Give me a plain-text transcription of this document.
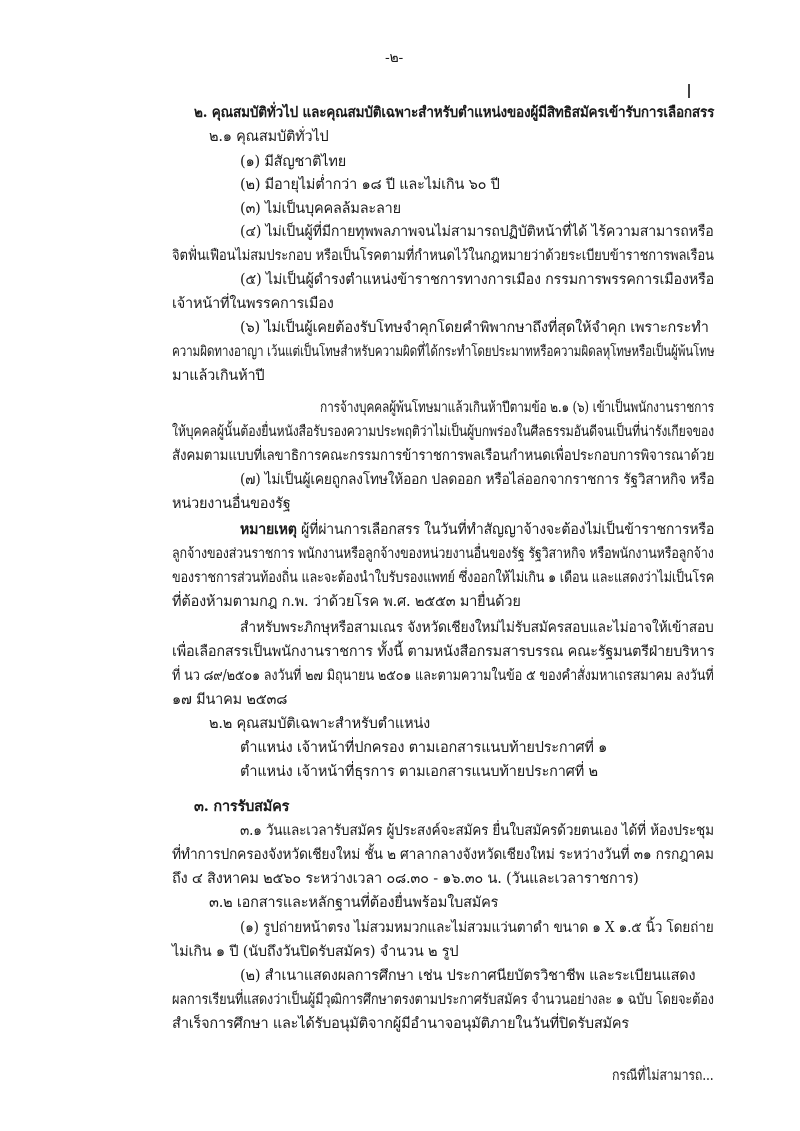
-๒-
๒. คุณสมบัติทั่วไป และคุณสมบัติเฉพาะสำหรับตำแหน่งของผู้มีสิทธิสมัครเข้ารับการเลือกสรร
๒.๑ คุณสมบัติทั่วไป
(๑) มีสัญชาติไทย
(๒) มีอายุไม่ต่ำกว่า ๑๘ ปี และไม่เกิน ๖๐ ปี
(๓) ไม่เป็นบุคคลล้มละลาย
(๔) ไม่เป็นผู้ที่มีกายทุพพลภาพจนไม่สามารถปฏิบัติหน้าที่ได้ ไร้ความสามารถหรือ
จิตฟั่นเฟือนไม่สมประกอบ หรือเป็นโรคตามที่กำหนดไว้ในกฎหมายว่าด้วยระเบียบข้าราชการพลเรือน
(๕) ไม่เป็นผู้ดำรงตำแหน่งข้าราชการทางการเมือง กรรมการพรรคการเมืองหรือ
เจ้าหน้าที่ในพรรคการเมือง
(๖) ไม่เป็นผู้เคยต้องรับโทษจำคุกโดยคำพิพากษาถึงที่สุดให้จำคุก เพราะกระทำ
ความผิดทางอาญา เว้นแต่เป็นโทษสำหรับความผิดที่ได้กระทำโดยประมาทหรือความผิดลหุโทษหรือเป็นผู้พ้นโทษ
มาแล้วเกินห้าปี
การจ้างบุคคลผู้พ้นโทษมาแล้วเกินห้าปีตามข้อ ๒.๑ (๖) เข้าเป็นพนักงานราชการ
ให้บุคคลผู้นั้นต้องยื่นหนังสือรับรองความประพฤติว่าไม่เป็นผู้บกพร่องในศีลธรรมอันดีจนเป็นที่น่ารังเกียจของ
สังคมตามแบบที่เลขาธิการคณะกรรมการข้าราชการพลเรือนกำหนดเพื่อประกอบการพิจารณาด้วย
(๗) ไม่เป็นผู้เคยถูกลงโทษให้ออก ปลดออก หรือไล่ออกจากราชการ รัฐวิสาหกิจ หรือ
หน่วยงานอื่นของรัฐ
หมายเหตุ ผู้ที่ผ่านการเลือกสรร ในวันที่ทำสัญญาจ้างจะต้องไม่เป็นข้าราชการหรือ
ลูกจ้างของส่วนราชการ พนักงานหรือลูกจ้างของหน่วยงานอื่นของรัฐ รัฐวิสาหกิจ หรือพนักงานหรือลูกจ้าง
ของราชการส่วนท้องถิ่น และจะต้องนำใบรับรองแพทย์ ซึ่งออกให้ไม่เกิน ๑ เดือน และแสดงว่าไม่เป็นโรค
ที่ต้องห้ามตามกฎ ก.พ. ว่าด้วยโรค พ.ศ. ๒๕๕๓ มายื่นด้วย
สำหรับพระภิกษุหรือสามเณร จังหวัดเชียงใหม่ไม่รับสมัครสอบและไม่อาจให้เข้าสอบ
เพื่อเลือกสรรเป็นพนักงานราชการ ทั้งนี้ ตามหนังสือกรมสารบรรณ คณะรัฐมนตรีฝ่ายบริหาร
ที่ นว ๘๙/๒๕๐๑ ลงวันที่ ๒๗ มิถุนายน ๒๕๐๑ และตามความในข้อ ๕ ของคำสั่งมหาเถรสมาคม ลงวันที่
๑๗ มีนาคม ๒๕๓๘
๒.๒ คุณสมบัติเฉพาะสำหรับตำแหน่ง
ตำแหน่ง เจ้าหน้าที่ปกครอง ตามเอกสารแนบท้ายประกาศที่ ๑
ตำแหน่ง เจ้าหน้าที่ธุรการ ตามเอกสารแนบท้ายประกาศที่ ๒
๓. การรับสมัคร
๓.๑ วันและเวลารับสมัคร ผู้ประสงค์จะสมัคร ยื่นใบสมัครด้วยตนเอง ได้ที่ ห้องประชุม
ที่ทำการปกครองจังหวัดเชียงใหม่ ชั้น ๒ ศาลากลางจังหวัดเชียงใหม่ ระหว่างวันที่ ๓๑ กรกฎาคม
ถึง ๔ สิงหาคม ๒๕๖๐ ระหว่างเวลา ๐๘.๓๐ - ๑๖.๓๐ น. (วันและเวลาราชการ)
๓.๒ เอกสารและหลักฐานที่ต้องยื่นพร้อมใบสมัคร
(๑) รูปถ่ายหน้าตรง ไม่สวมหมวกและไม่สวมแว่นตาดำ ขนาด ๑ X ๑.๕ นิ้ว โดยถ่าย
ไม่เกิน ๑ ปี (นับถึงวันปิดรับสมัคร) จำนวน ๒ รูป
(๒) สำเนาแสดงผลการศึกษา เช่น ประกาศนียบัตรวิชาชีพ และระเบียนแสดง
ผลการเรียนที่แสดงว่าเป็นผู้มีวุฒิการศึกษาตรงตามประกาศรับสมัคร จำนวนอย่างละ ๑ ฉบับ โดยจะต้อง
สำเร็จการศึกษา และได้รับอนุมัติจากผู้มีอำนาจอนุมัติภายในวันที่ปิดรับสมัคร
กรณีที่ไม่สามารถ...
